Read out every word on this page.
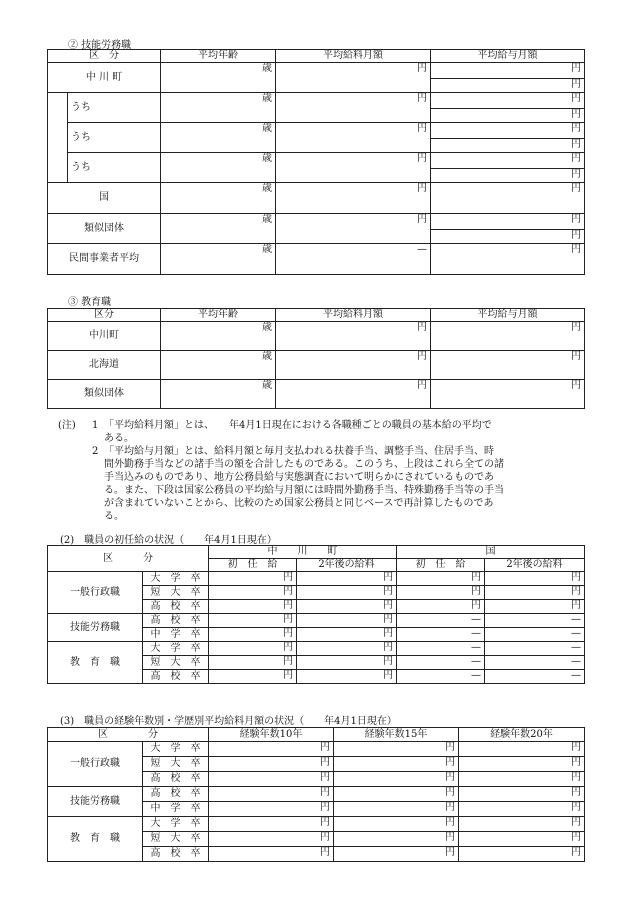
② 技能労務職
区　分		平均年齢	平均給料月額	平均給与月額
中 川 町		歳	円	円
				円
	うち	歳	円	円
				円
	うち	歳	円	円
				円
	うち	歳	円	円
				円
国		歳	円	円
類似団体		歳	円	円
				円
民間事業者平均		歳	—	円
③ 教育職
区分	平均年齢	平均給料月額	平均給与月額
中川町	歳	円	円
北海道	歳	円	円
類似団体	歳	円	円
(注) 1 「平均給料月額」とは、　　年4月1日現在における各職種ごとの職員の基本給の平均で
ある。
2 「平均給与月額」とは、給料月額と毎月支払われる扶養手当、調整手当、住居手当、時
間外勤務手当などの諸手当の額を合計したものである。このうち、上段はこれら全ての諸
手当込みのものであり、地方公務員給与実態調査において明らかにされているものであ
る。また、下段は国家公務員の平均給与月額には時間外勤務手当、特殊勤務手当等の手当
が含まれていないことから、比較のため国家公務員と同じベースで再計算したものであ
る。
(2)　職員の初任給の状況（　　年4月1日現在）
区　　　分		中　　川　　町		国	
		初　任　給	2年後の給料	初　任　給	2年後の給料
一般行政職	大　学　卒	円	円	円	円
	短　大　卒	円	円	円	円
	高　校　卒	円	円	円	円
技能労務職	高　校　卒	円	円	—	—
	中　学　卒	円	円	—	—
教　育　職	大　学　卒	円	円	—	—
	短　大　卒	円	円	—	—
	高　校　卒	円	円	—	—
(3)　職員の経験年数別・学歴別平均給料月額の状況（　　年4月1日現在）
区　　　　分		経験年数10年	経験年数15年	経験年数20年
一般行政職	大　学　卒	円	円	円
	短　大　卒	円	円	円
	高　校　卒	円	円	円
技能労務職	高　校　卒	円	円	円
	中　学　卒	円	円	円
教　育　職	大　学　卒	円	円	円
	短　大　卒	円	円	円
	高　校　卒	円	円	円
